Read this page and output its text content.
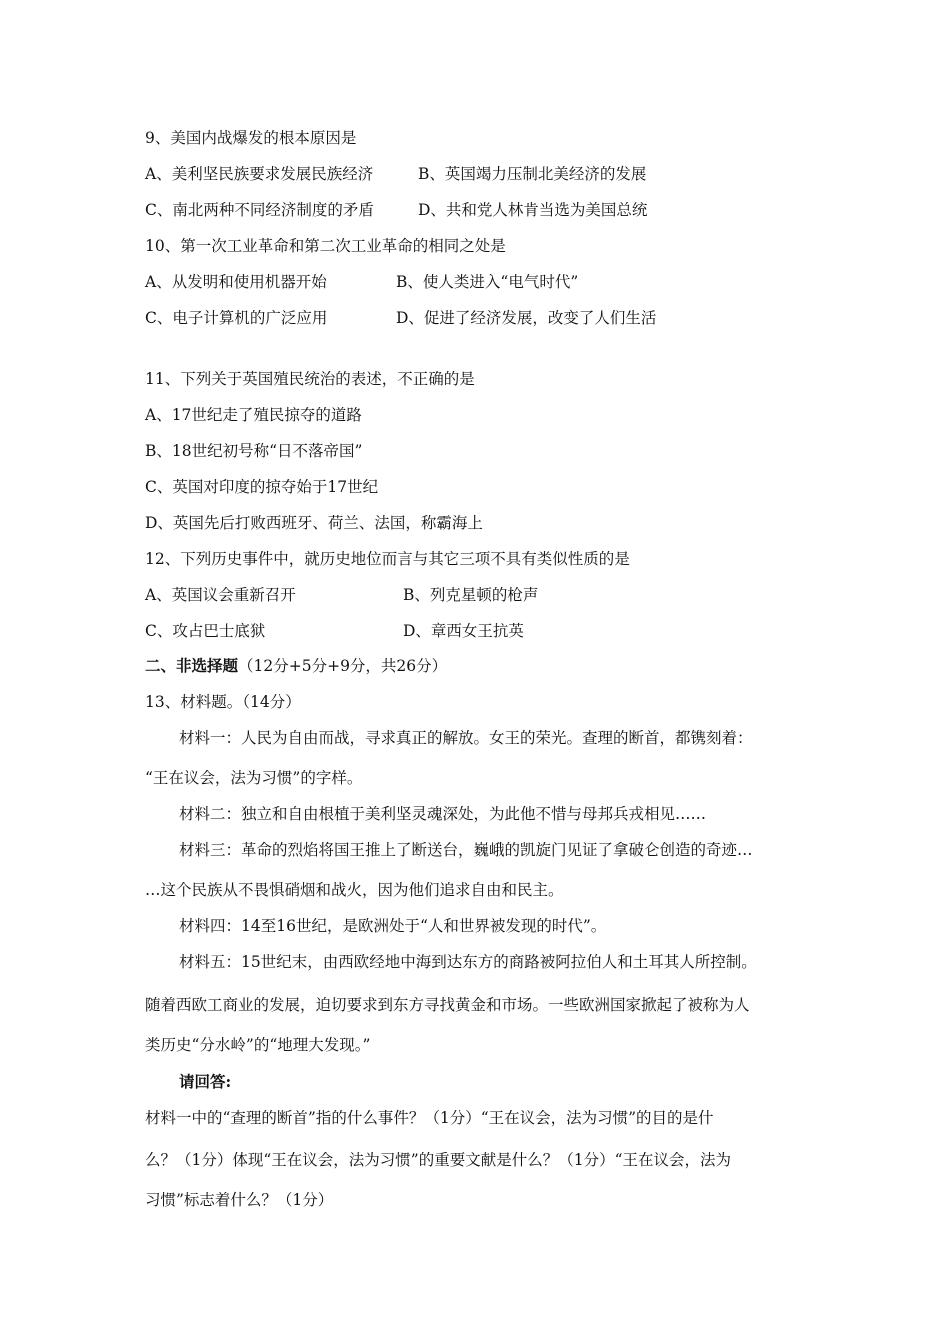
9、美国内战爆发的根本原因是
A、美利坚民族要求发展民族经济	B、英国竭力压制北美经济的发展
C、南北两种不同经济制度的矛盾	D、共和党人林肯当选为美国总统
10、第一次工业革命和第二次工业革命的相同之处是
A、从发明和使用机器开始	B、使人类进入“电气时代”
C、电子计算机的广泛应用	D、促进了经济发展，改变了人们生活
11、下列关于英国殖民统治的表述，不正确的是
A、17世纪走了殖民掠夺的道路
B、18世纪初号称“日不落帝国”
C、英国对印度的掠夺始于17世纪
D、英国先后打败西班牙、荷兰、法国，称霸海上
12、下列历史事件中，就历史地位而言与其它三项不具有类似性质的是
A、英国议会重新召开	B、列克星顿的枪声
C、攻占巴士底狱	D、章西女王抗英
二、非选择题（12分+5分+9分，共26分）
13、材料题。（14分）
材料一：人民为自由而战，寻求真正的解放。女王的荣光。查理的断首，都镌刻着：
“王在议会，法为习惯”的字样。
材料二：独立和自由根植于美利坚灵魂深处，为此他不惜与母邦兵戎相见……
材料三：革命的烈焰将国王推上了断送台，巍峨的凯旋门见证了拿破仑创造的奇迹…
…这个民族从不畏惧硝烟和战火，因为他们追求自由和民主。
材料四：14至16世纪，是欧洲处于“人和世界被发现的时代”。
材料五：15世纪末，由西欧经地中海到达东方的商路被阿拉伯人和土耳其人所控制。
随着西欧工商业的发展，迫切要求到东方寻找黄金和市场。一些欧洲国家掀起了被称为人
类历史“分水岭”的“地理大发现。”
请回答:
材料一中的“查理的断首”指的什么事件？（1分）“王在议会，法为习惯”的目的是什
么？（1分）体现“王在议会，法为习惯”的重要文献是什么？（1分）“王在议会，法为
习惯”标志着什么？（1分）
